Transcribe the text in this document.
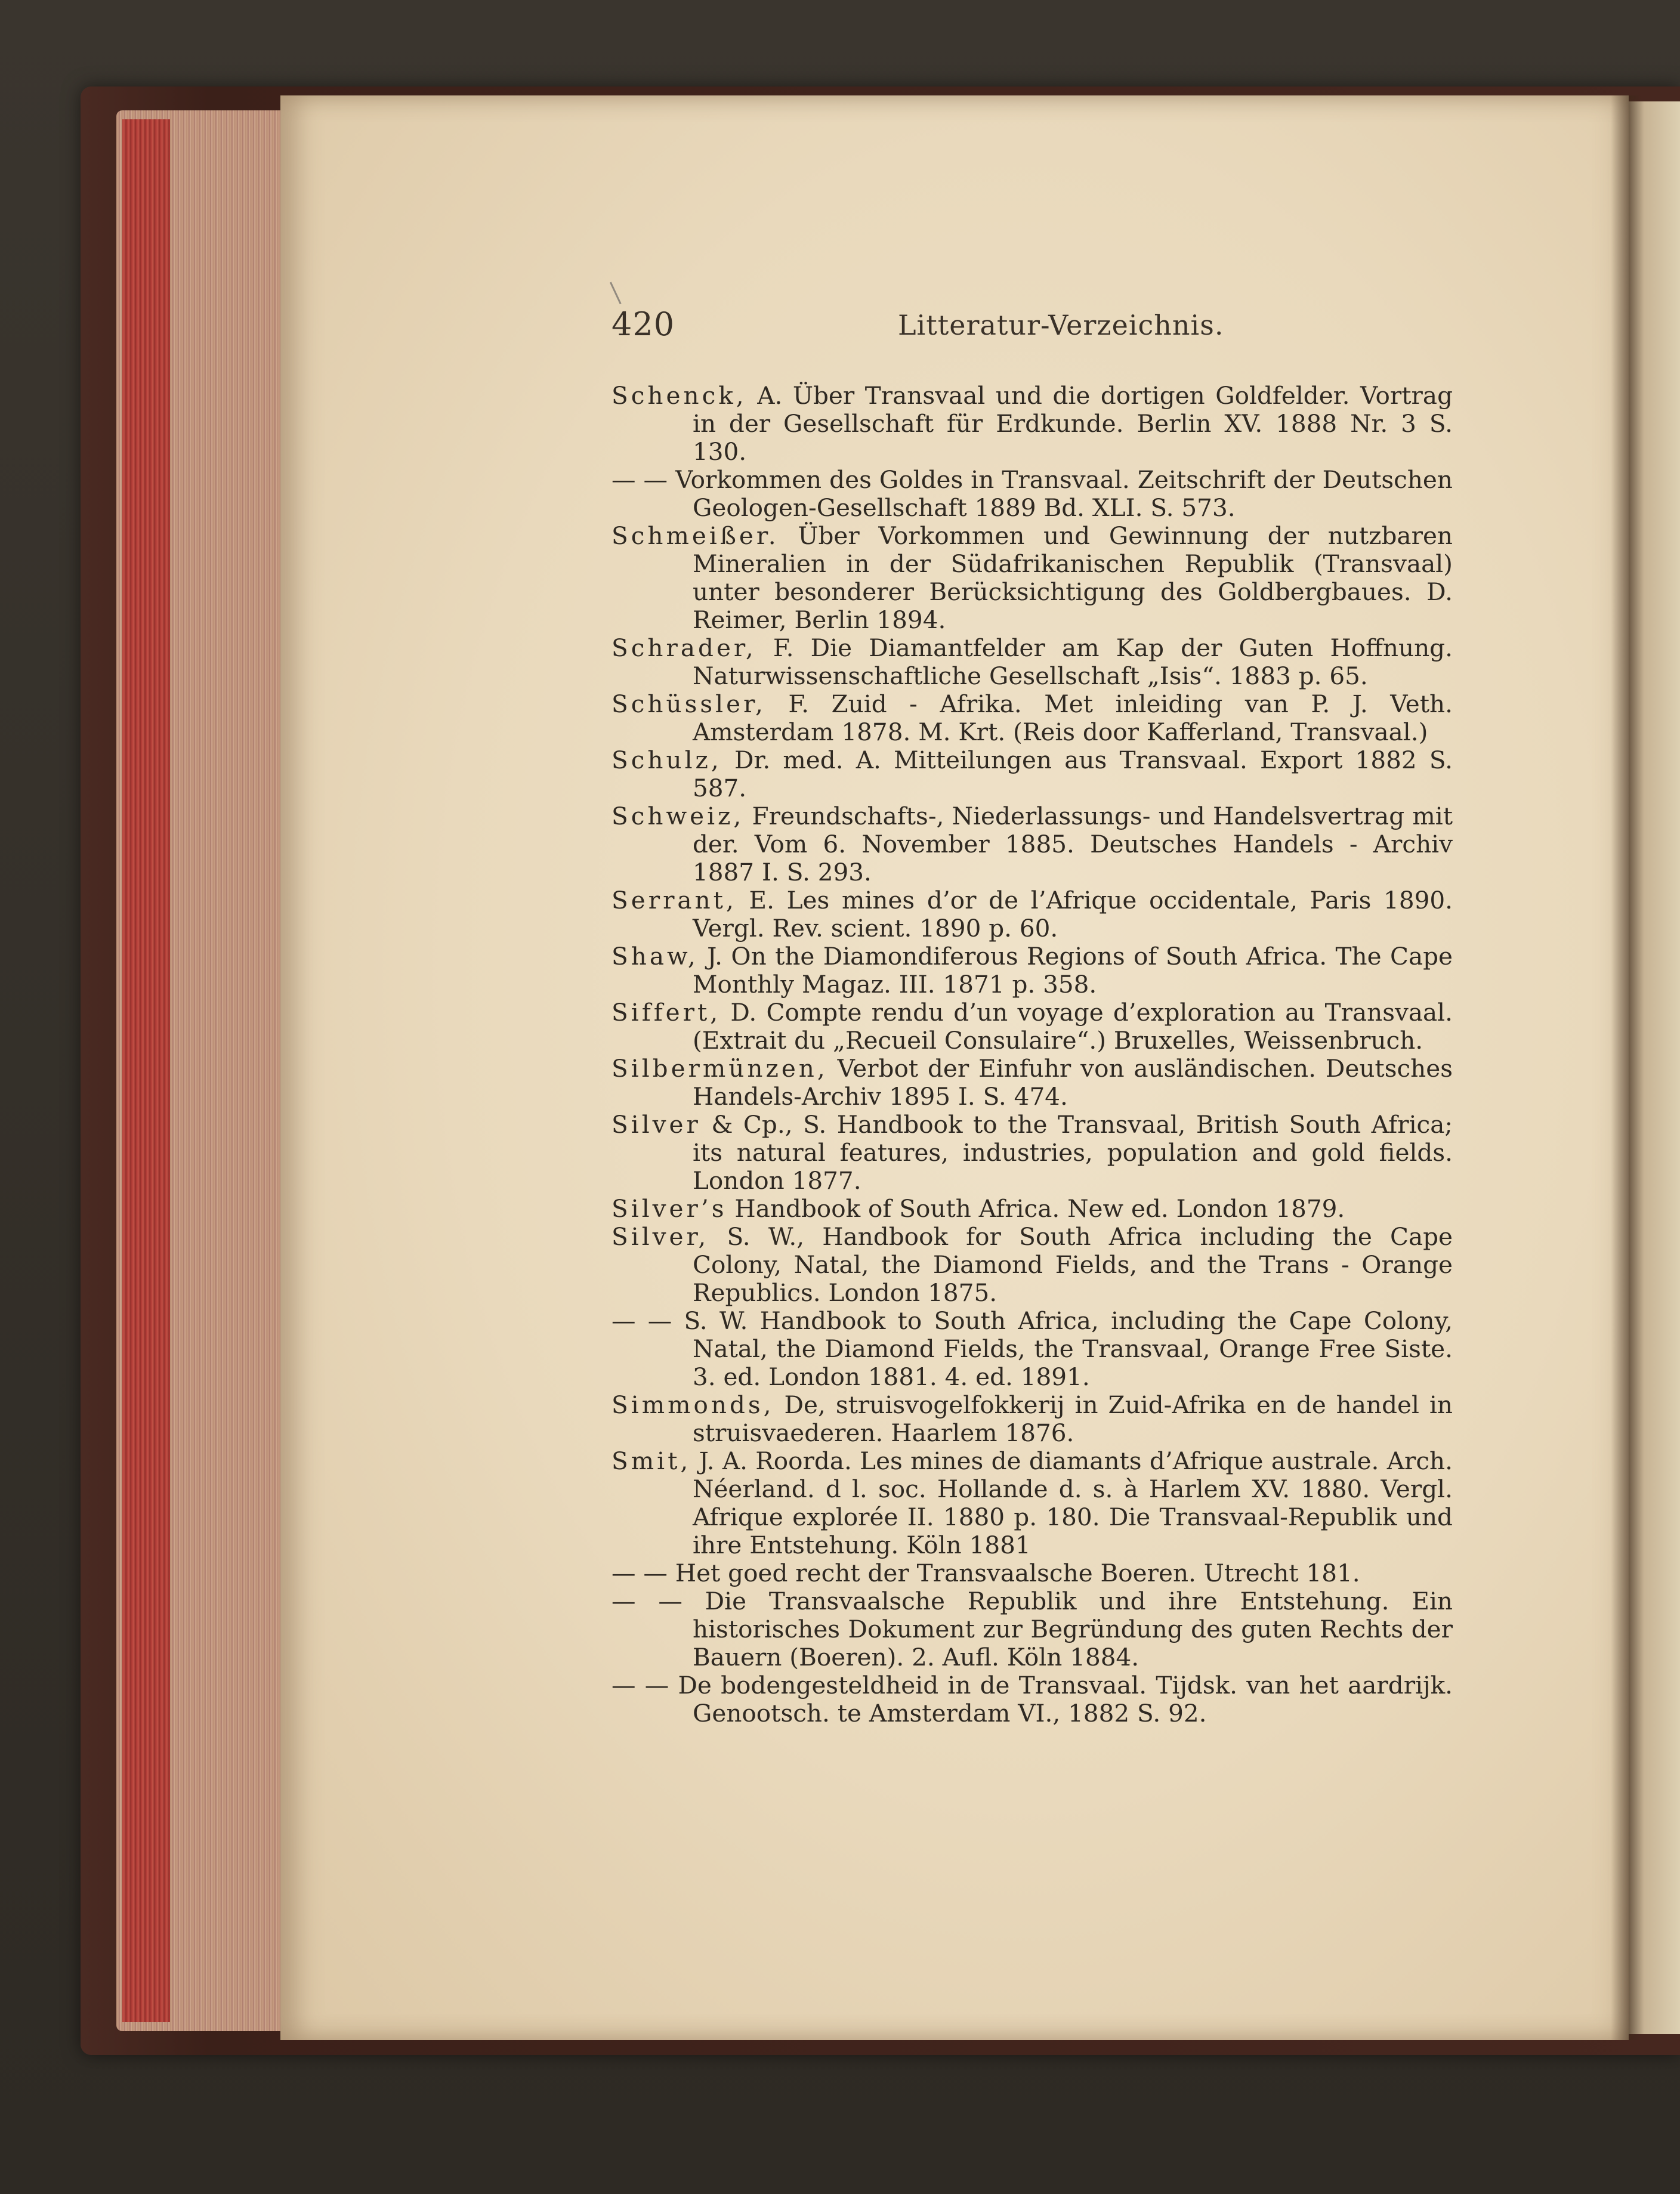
420	Litteratur-Verzeichnis.

Schenck, A. Über Transvaal und die dortigen Goldfelder. Vortrag in der Gesellschaft für Erdkunde. Berlin XV. 1888 Nr. 3 S. 130.

— — Vorkommen des Goldes in Transvaal. Zeitschrift der Deutschen Geologen-Gesellschaft 1889 Bd. XLI. S. 573.

Schmeißer. Über Vorkommen und Gewinnung der nutzbaren Mineralien in der Südafrikanischen Republik (Transvaal) unter besonderer Berücksichtigung des Goldbergbaues. D. Reimer, Berlin 1894.

Schrader, F. Die Diamantfelder am Kap der Guten Hoffnung. Naturwissenschaftliche Gesellschaft „Isis“. 1883 p. 65.

Schüssler, F. Zuid - Afrika. Met inleiding van P. J. Veth. Amsterdam 1878. M. Krt. (Reis door Kafferland, Transvaal.)

Schulz, Dr. med. A. Mitteilungen aus Transvaal. Export 1882 S. 587.

Schweiz, Freundschafts-, Niederlassungs- und Handelsvertrag mit der. Vom 6. November 1885. Deutsches Handels - Archiv 1887 I. S. 293.

Serrant, E. Les mines d’or de l’Afrique occidentale, Paris 1890. Vergl. Rev. scient. 1890 p. 60.

Shaw, J. On the Diamondiferous Regions of South Africa. The Cape Monthly Magaz. III. 1871 p. 358.

Siffert, D. Compte rendu d’un voyage d’exploration au Transvaal. (Extrait du „Recueil Consulaire“.) Bruxelles, Weissenbruch.

Silbermünzen, Verbot der Einfuhr von ausländischen. Deutsches Handels-Archiv 1895 I. S. 474.

Silver & Cp., S. Handbook to the Transvaal, British South Africa; its natural features, industries, population and gold fields. London 1877.

Silver’s Handbook of South Africa. New ed. London 1879.

Silver, S. W., Handbook for South Africa including the Cape Colony, Natal, the Diamond Fields, and the Trans - Orange Republics. London 1875.

— — S. W. Handbook to South Africa, including the Cape Colony, Natal, the Diamond Fields, the Transvaal, Orange Free Siste. 3. ed. London 1881. 4. ed. 1891.

Simmonds, De, struisvogelfokkerij in Zuid-Afrika en de handel in struisvaederen. Haarlem 1876.

Smit, J. A. Roorda. Les mines de diamants d’Afrique australe. Arch. Néerland. d l. soc. Hollande d. s. à Harlem XV. 1880. Vergl. Afrique explorée II. 1880 p. 180. Die Transvaal-Republik und ihre Entstehung. Köln 1881

— — Het goed recht der Transvaalsche Boeren. Utrecht 181.

— — Die Transvaalsche Republik und ihre Entstehung. Ein historisches Dokument zur Begründung des guten Rechts der Bauern (Boeren). 2. Aufl. Köln 1884.

— — De bodengesteldheid in de Transvaal. Tijdsk. van het aardrijk. Genootsch. te Amsterdam VI., 1882 S. 92.
